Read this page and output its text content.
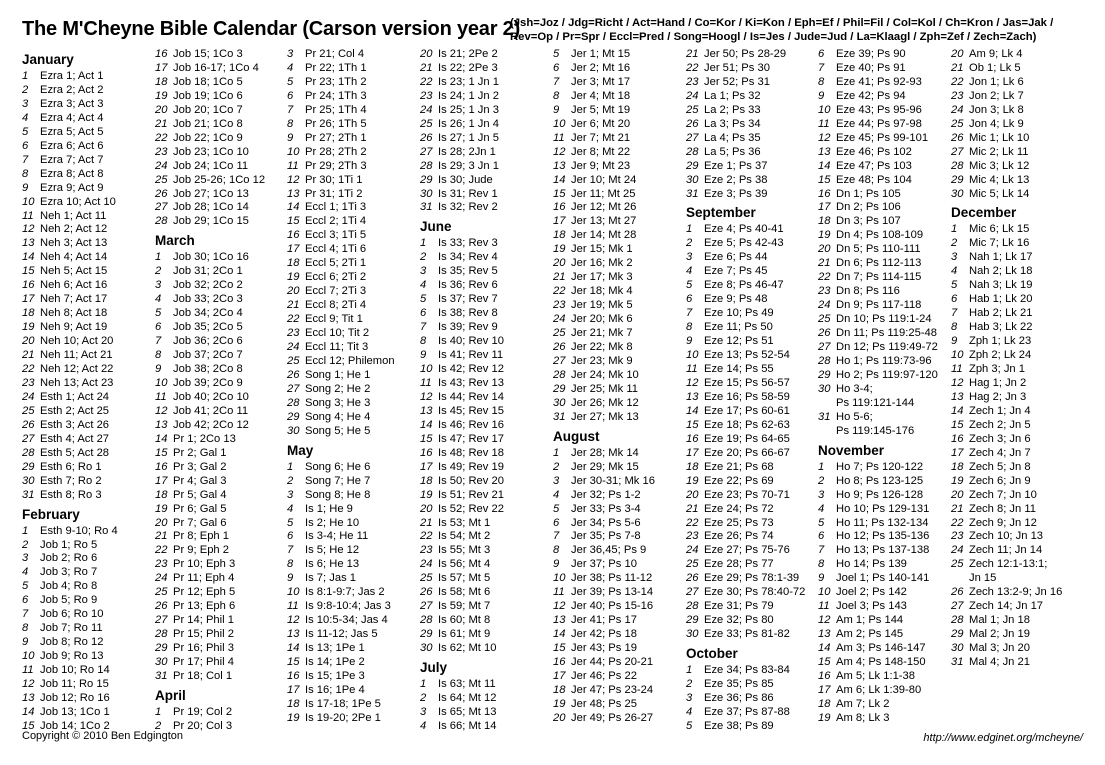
The M'Cheyne Bible Calendar (Carson version year 2)
(Jsh=Joz / Jdg=Richt / Act=Hand / Co=Kor / Ki=Kon / Eph=Ef / Phil=Fil / Col=Kol / Ch=Kron / Jas=Jak / Rev=Op / Pr=Spr / Eccl=Pred / Song=Hoogl / Is=Jes / Jude=Jud / La=Klaagl / Zph=Zef / Zech=Zach)
January
1 Ezra 1; Act 1
2 Ezra 2; Act 2
3 Ezra 3; Act 3
4 Ezra 4; Act 4
5 Ezra 5; Act 5
6 Ezra 6; Act 6
7 Ezra 7; Act 7
8 Ezra 8; Act 8
9 Ezra 9; Act 9
10 Ezra 10; Act 10
11 Neh 1; Act 11
12 Neh 2; Act 12
13 Neh 3; Act 13
14 Neh 4; Act 14
15 Neh 5; Act 15
16 Neh 6; Act 16
17 Neh 7; Act 17
18 Neh 8; Act 18
19 Neh 9; Act 19
20 Neh 10; Act 20
21 Neh 11; Act 21
22 Neh 12; Act 22
23 Neh 13; Act 23
24 Esth 1; Act 24
25 Esth 2; Act 25
26 Esth 3; Act 26
27 Esth 4; Act 27
28 Esth 5; Act 28
29 Esth 6; Ro 1
30 Esth 7; Ro 2
31 Esth 8; Ro 3
February
1 Esth 9-10; Ro 4
2 Job 1; Ro 5
3 Job 2; Ro 6
4 Job 3; Ro 7
5 Job 4; Ro 8
6 Job 5; Ro 9
7 Job 6; Ro 10
8 Job 7; Ro 11
9 Job 8; Ro 12
10 Job 9; Ro 13
11 Job 10; Ro 14
12 Job 11; Ro 15
13 Job 12; Ro 16
14 Job 13; 1Co 1
15 Job 14; 1Co 2
16 Job 15; 1Co 3
17 Job 16-17; 1Co 4
18 Job 18; 1Co 5
19 Job 19; 1Co 6
20 Job 20; 1Co 7
21 Job 21; 1Co 8
22 Job 22; 1Co 9
23 Job 23; 1Co 10
24 Job 24; 1Co 11
25 Job 25-26; 1Co 12
26 Job 27; 1Co 13
27 Job 28; 1Co 14
28 Job 29; 1Co 15
March
1 Job 30; 1Co 16
2 Job 31; 2Co 1
3 Job 32; 2Co 2
4 Job 33; 2Co 3
5 Job 34; 2Co 4
6 Job 35; 2Co 5
7 Job 36; 2Co 6
8 Job 37; 2Co 7
9 Job 38; 2Co 8
10 Job 39; 2Co 9
11 Job 40; 2Co 10
12 Job 41; 2Co 11
13 Job 42; 2Co 12
14 Pr 1; 2Co 13
15 Pr 2; Gal 1
16 Pr 3; Gal 2
17 Pr 4; Gal 3
18 Pr 5; Gal 4
19 Pr 6; Gal 5
20 Pr 7; Gal 6
21 Pr 8; Eph 1
22 Pr 9; Eph 2
23 Pr 10; Eph 3
24 Pr 11; Eph 4
25 Pr 12; Eph 5
26 Pr 13; Eph 6
27 Pr 14; Phil 1
28 Pr 15; Phil 2
29 Pr 16; Phil 3
30 Pr 17; Phil 4
31 Pr 18; Col 1
April
1 Pr 19; Col 2
2 Pr 20; Col 3
3 Pr 21; Col 4
4 Pr 22; 1Th 1
5 Pr 23; 1Th 2
6 Pr 24; 1Th 3
7 Pr 25; 1Th 4
8 Pr 26; 1Th 5
9 Pr 27; 2Th 1
10 Pr 28; 2Th 2
11 Pr 29; 2Th 3
12 Pr 30; 1Ti 1
13 Pr 31; 1Ti 2
14 Eccl 1; 1Ti 3
15 Eccl 2; 1Ti 4
16 Eccl 3; 1Ti 5
17 Eccl 4; 1Ti 6
18 Eccl 5; 2Ti 1
19 Eccl 6; 2Ti 2
20 Eccl 7; 2Ti 3
21 Eccl 8; 2Ti 4
22 Eccl 9; Tit 1
23 Eccl 10; Tit 2
24 Eccl 11; Tit 3
25 Eccl 12; Philemon
26 Song 1; He 1
27 Song 2; He 2
28 Song 3; He 3
29 Song 4; He 4
30 Song 5; He 5
May
1 Song 6; He 6
2 Song 7; He 7
3 Song 8; He 8
4 Is 1; He 9
5 Is 2; He 10
6 Is 3-4; He 11
7 Is 5; He 12
8 Is 6; He 13
9 Is 7; Jas 1
10 Is 8:1-9:7; Jas 2
11 Is 9:8-10:4; Jas 3
12 Is 10:5-34; Jas 4
13 Is 11-12; Jas 5
14 Is 13; 1Pe 1
15 Is 14; 1Pe 2
16 Is 15; 1Pe 3
17 Is 16; 1Pe 4
18 Is 17-18; 1Pe 5
19 Is 19-20; 2Pe 1
20 Is 21; 2Pe 2
21 Is 22; 2Pe 3
22 Is 23; 1 Jn 1
23 Is 24; 1 Jn 2
24 Is 25; 1 Jn 3
25 Is 26; 1 Jn 4
26 Is 27; 1 Jn 5
27 Is 28; 2Jn 1
28 Is 29; 3 Jn 1
29 Is 30; Jude
30 Is 31; Rev 1
31 Is 32; Rev 2
June
1 Is 33; Rev 3
2 Is 34; Rev 4
3 Is 35; Rev 5
4 Is 36; Rev 6
5 Is 37; Rev 7
6 Is 38; Rev 8
7 Is 39; Rev 9
8 Is 40; Rev 10
9 Is 41; Rev 11
10 Is 42; Rev 12
11 Is 43; Rev 13
12 Is 44; Rev 14
13 Is 45; Rev 15
14 Is 46; Rev 16
15 Is 47; Rev 17
16 Is 48; Rev 18
17 Is 49; Rev 19
18 Is 50; Rev 20
19 Is 51; Rev 21
20 Is 52; Rev 22
21 Is 53; Mt 1
22 Is 54; Mt 2
23 Is 55; Mt 3
24 Is 56; Mt 4
25 Is 57; Mt 5
26 Is 58; Mt 6
27 Is 59; Mt 7
28 Is 60; Mt 8
29 Is 61; Mt 9
30 Is 62; Mt 10
July
1 Is 63; Mt 11
2 Is 64; Mt 12
3 Is 65; Mt 13
4 Is 66; Mt 14
5 Jer 1; Mt 15
6 Jer 2; Mt 16
7 Jer 3; Mt 17
8 Jer 4; Mt 18
9 Jer 5; Mt 19
10 Jer 6; Mt 20
11 Jer 7; Mt 21
12 Jer 8; Mt 22
13 Jer 9; Mt 23
14 Jer 10; Mt 24
15 Jer 11; Mt 25
16 Jer 12; Mt 26
17 Jer 13; Mt 27
18 Jer 14; Mt 28
19 Jer 15; Mk 1
20 Jer 16; Mk 2
21 Jer 17; Mk 3
22 Jer 18; Mk 4
23 Jer 19; Mk 5
24 Jer 20; Mk 6
25 Jer 21; Mk 7
26 Jer 22; Mk 8
27 Jer 23; Mk 9
28 Jer 24; Mk 10
29 Jer 25; Mk 11
30 Jer 26; Mk 12
31 Jer 27; Mk 13
August
1 Jer 28; Mk 14
2 Jer 29; Mk 15
3 Jer 30-31; Mk 16
4 Jer 32; Ps 1-2
5 Jer 33; Ps 3-4
6 Jer 34; Ps 5-6
7 Jer 35; Ps 7-8
8 Jer 36,45; Ps 9
9 Jer 37; Ps 10
10 Jer 38; Ps 11-12
11 Jer 39; Ps 13-14
12 Jer 40; Ps 15-16
13 Jer 41; Ps 17
14 Jer 42; Ps 18
15 Jer 43; Ps 19
16 Jer 44; Ps 20-21
17 Jer 46; Ps 22
18 Jer 47; Ps 23-24
19 Jer 48; Ps 25
20 Jer 49; Ps 26-27
21 Jer 50; Ps 28-29
22 Jer 51; Ps 30
23 Jer 52; Ps 31
24 La 1; Ps 32
25 La 2; Ps 33
26 La 3; Ps 34
27 La 4; Ps 35
28 La 5; Ps 36
29 Eze 1; Ps 37
30 Eze 2; Ps 38
31 Eze 3; Ps 39
September
1 Eze 4; Ps 40-41
2 Eze 5; Ps 42-43
3 Eze 6; Ps 44
4 Eze 7; Ps 45
5 Eze 8; Ps 46-47
6 Eze 9; Ps 48
7 Eze 10; Ps 49
8 Eze 11; Ps 50
9 Eze 12; Ps 51
10 Eze 13; Ps 52-54
11 Eze 14; Ps 55
12 Eze 15; Ps 56-57
13 Eze 16; Ps 58-59
14 Eze 17; Ps 60-61
15 Eze 18; Ps 62-63
16 Eze 19; Ps 64-65
17 Eze 20; Ps 66-67
18 Eze 21; Ps 68
19 Eze 22; Ps 69
20 Eze 23; Ps 70-71
21 Eze 24; Ps 72
22 Eze 25; Ps 73
23 Eze 26; Ps 74
24 Eze 27; Ps 75-76
25 Eze 28; Ps 77
26 Eze 29; Ps 78:1-39
27 Eze 30; Ps 78:40-72
28 Eze 31; Ps 79
29 Eze 32; Ps 80
30 Eze 33; Ps 81-82
October
1 Eze 34; Ps 83-84
2 Eze 35; Ps 85
3 Eze 36; Ps 86
4 Eze 37; Ps 87-88
5 Eze 38; Ps 89
6 Eze 39; Ps 90
7 Eze 40; Ps 91
8 Eze 41; Ps 92-93
9 Eze 42; Ps 94
10 Eze 43; Ps 95-96
11 Eze 44; Ps 97-98
12 Eze 45; Ps 99-101
13 Eze 46; Ps 102
14 Eze 47; Ps 103
15 Eze 48; Ps 104
16 Dn 1; Ps 105
17 Dn 2; Ps 106
18 Dn 3; Ps 107
19 Dn 4; Ps 108-109
20 Dn 5; Ps 110-111
21 Dn 6; Ps 112-113
22 Dn 7; Ps 114-115
23 Dn 8; Ps 116
24 Dn 9; Ps 117-118
25 Dn 10; Ps 119:1-24
26 Dn 11; Ps 119:25-48
27 Dn 12; Ps 119:49-72
28 Ho 1; Ps 119:73-96
29 Ho 2; Ps 119:97-120
30 Ho 3-4;
Ps 119:121-144
31 Ho 5-6;
Ps 119:145-176
November
1 Ho 7; Ps 120-122
2 Ho 8; Ps 123-125
3 Ho 9; Ps 126-128
4 Ho 10; Ps 129-131
5 Ho 11; Ps 132-134
6 Ho 12; Ps 135-136
7 Ho 13; Ps 137-138
8 Ho 14; Ps 139
9 Joel 1; Ps 140-141
10 Joel 2; Ps 142
11 Joel 3; Ps 143
12 Am 1; Ps 144
13 Am 2; Ps 145
14 Am 3; Ps 146-147
15 Am 4; Ps 148-150
16 Am 5; Lk 1:1-38
17 Am 6; Lk 1:39-80
18 Am 7; Lk 2
19 Am 8; Lk 3
20 Am 9; Lk 4
21 Ob 1; Lk 5
22 Jon 1; Lk 6
23 Jon 2; Lk 7
24 Jon 3; Lk 8
25 Jon 4; Lk 9
26 Mic 1; Lk 10
27 Mic 2; Lk 11
28 Mic 3; Lk 12
29 Mic 4; Lk 13
30 Mic 5; Lk 14
December
1 Mic 6; Lk 15
2 Mic 7; Lk 16
3 Nah 1; Lk 17
4 Nah 2; Lk 18
5 Nah 3; Lk 19
6 Hab 1; Lk 20
7 Hab 2; Lk 21
8 Hab 3; Lk 22
9 Zph 1; Lk 23
10 Zph 2; Lk 24
11 Zph 3; Jn 1
12 Hag 1; Jn 2
13 Hag 2; Jn 3
14 Zech 1; Jn 4
15 Zech 2; Jn 5
16 Zech 3; Jn 6
17 Zech 4; Jn 7
18 Zech 5; Jn 8
19 Zech 6; Jn 9
20 Zech 7; Jn 10
21 Zech 8; Jn 11
22 Zech 9; Jn 12
23 Zech 10; Jn 13
24 Zech 11; Jn 14
25 Zech 12:1-13:1;
Jn 15
26 Zech 13:2-9; Jn 16
27 Zech 14; Jn 17
28 Mal 1; Jn 18
29 Mal 2; Jn 19
30 Mal 3; Jn 20
31 Mal 4; Jn 21
Copyright © 2010 Ben Edgington	http://www.edginet.org/mcheyne/
